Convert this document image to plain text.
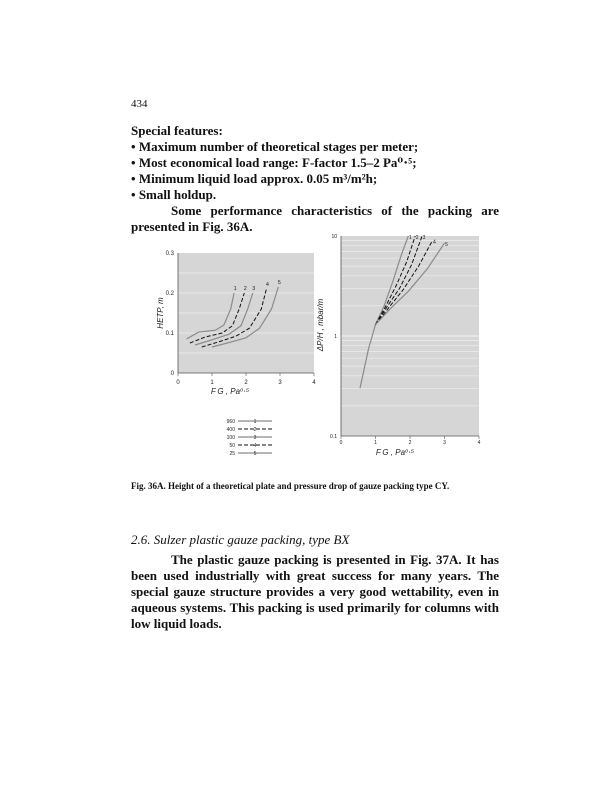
434
Special features:
• Maximum number of theoretical stages per meter;
• Most economical load range: F-factor 1.5–2 Pa⁰⋅⁵;
• Minimum liquid load approx. 0.05 m³/m²h;
• Small holdup.

Some performance characteristics of the packing are presented in Fig. 36A.

0	1	2	3	4
0
0.1
0.2
0.3
F G , Pa⁰⋅⁵
HETP, m
1 2 3
4 5
960	1
400	2
100	3
50	4
25	5
0	1	2	3	4
0.1
1
10
F G , Pa⁰⋅⁵
ΔP/H , mbar/m
1 2 3
4 5
Fig. 36A. Height of a theoretical plate and pressure drop of gauze packing type CY.
2.6. Sulzer plastic gauze packing, type BX

The plastic gauze packing is presented in Fig. 37A. It has been used industrially with great success for many years. The special gauze structure provides a very good wettability, even in aqueous systems. This packing is used primarily for columns with low liquid loads.
